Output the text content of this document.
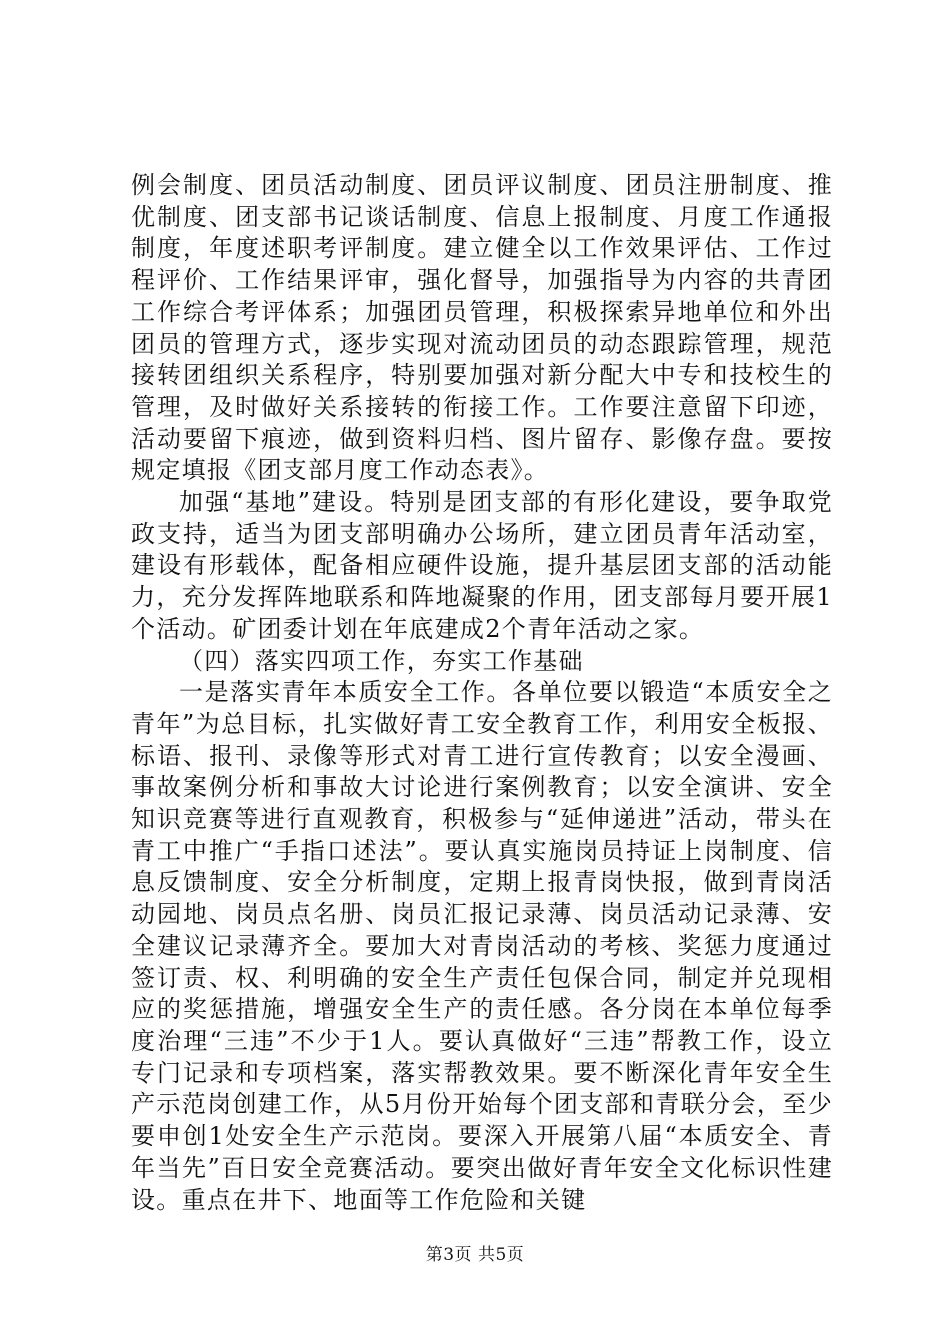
例会制度、团员活动制度、团员评议制度、团员注册制度、推优制度、团支部书记谈话制度、信息上报制度、月度工作通报制度，年度述职考评制度。建立健全以工作效果评估、工作过程评价、工作结果评审，强化督导，加强指导为内容的共青团工作综合考评体系；加强团员管理，积极探索异地单位和外出团员的管理方式，逐步实现对流动团员的动态跟踪管理，规范接转团组织关系程序，特别要加强对新分配大中专和技校生的管理，及时做好关系接转的衔接工作。工作要注意留下印迹，活动要留下痕迹，做到资料归档、图片留存、影像存盘。要按规定填报《团支部月度工作动态表》。

加强“基地”建设。特别是团支部的有形化建设，要争取党政支持，适当为团支部明确办公场所，建立团员青年活动室，建设有形载体，配备相应硬件设施，提升基层团支部的活动能力，充分发挥阵地联系和阵地凝聚的作用，团支部每月要开展1个活动。矿团委计划在年底建成2个青年活动之家。

（四）落实四项工作，夯实工作基础

一是落实青年本质安全工作。各单位要以锻造“本质安全之青年”为总目标，扎实做好青工安全教育工作，利用安全板报、标语、报刊、录像等形式对青工进行宣传教育；以安全漫画、事故案例分析和事故大讨论进行案例教育；以安全演讲、安全知识竞赛等进行直观教育，积极参与“延伸递进”活动，带头在青工中推广“手指口述法”。要认真实施岗员持证上岗制度、信息反馈制度、安全分析制度，定期上报青岗快报，做到青岗活动园地、岗员点名册、岗员汇报记录薄、岗员活动记录薄、安全建议记录薄齐全。要加大对青岗活动的考核、奖惩力度通过签订责、权、利明确的安全生产责任包保合同，制定并兑现相应的奖惩措施，增强安全生产的责任感。各分岗在本单位每季度治理“三违”不少于1人。要认真做好“三违”帮教工作，设立专门记录和专项档案，落实帮教效果。要不断深化青年安全生产示范岗创建工作，从5月份开始每个团支部和青联分会，至少要申创1处安全生产示范岗。要深入开展第八届“本质安全、青年当先”百日安全竞赛活动。要突出做好青年安全文化标识性建设。重点在井下、地面等工作危险和关键

第3页 共5页
